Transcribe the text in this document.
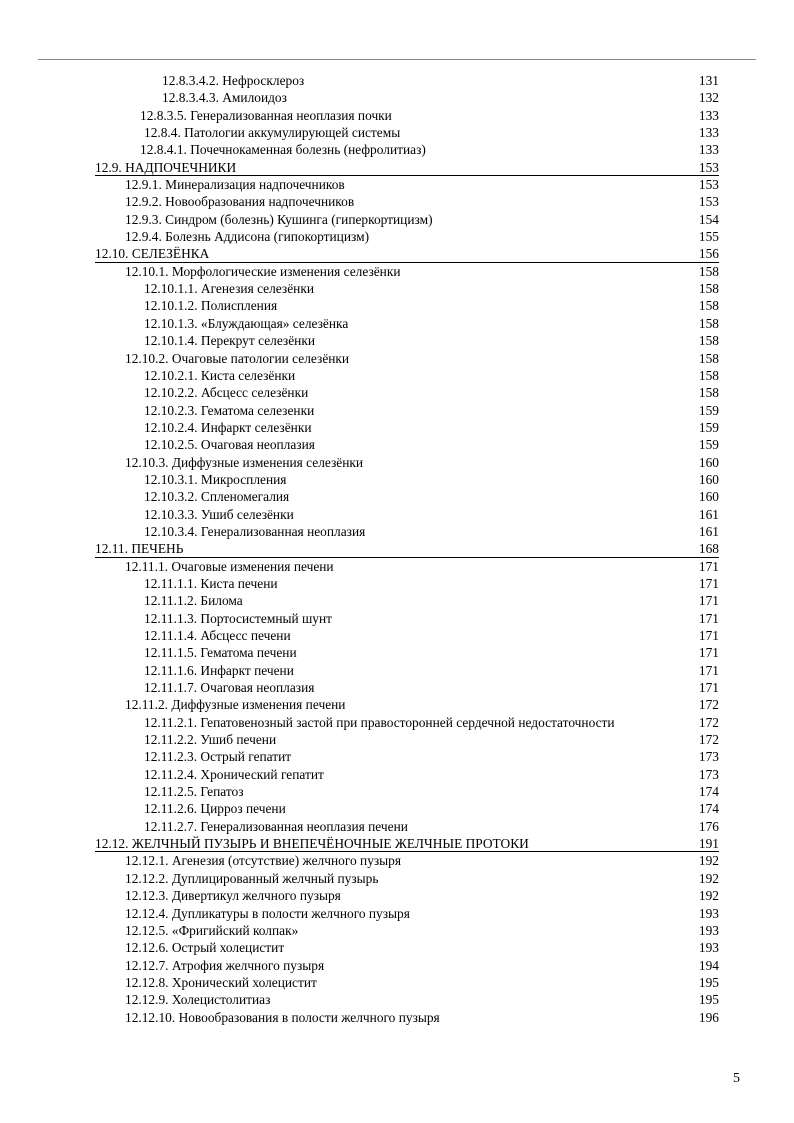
12.8.3.4.2. Нефросклероз	131
12.8.3.4.3. Амилоидоз	132
12.8.3.5. Генерализованная неоплазия почки	133
12.8.4. Патологии аккумулирующей системы	133
12.8.4.1. Почечнокаменная болезнь (нефролитиаз)	133
12.9. НАДПОЧЕЧНИКИ	153
12.9.1. Минерализация надпочечников	153
12.9.2. Новообразования надпочечников	153
12.9.3. Синдром (болезнь) Кушинга (гиперкортицизм)	154
12.9.4. Болезнь Аддисона (гипокортицизм)	155
12.10. СЕЛЕЗЁНКА	156
12.10.1. Морфологические изменения селезёнки	158
12.10.1.1. Агенезия селезёнки	158
12.10.1.2. Полиспления	158
12.10.1.3. «Блуждающая» селезёнка	158
12.10.1.4. Перекрут селезёнки	158
12.10.2. Очаговые патологии селезёнки	158
12.10.2.1. Киста селезёнки	158
12.10.2.2. Абсцесс селезёнки	158
12.10.2.3. Гематома селезенки	159
12.10.2.4. Инфаркт селезёнки	159
12.10.2.5. Очаговая неоплазия	159
12.10.3. Диффузные изменения селезёнки	160
12.10.3.1. Микроспления	160
12.10.3.2. Спленомегалия	160
12.10.3.3. Ушиб селезёнки	161
12.10.3.4. Генерализованная неоплазия	161
12.11. ПЕЧЕНЬ	168
12.11.1. Очаговые изменения печени	171
12.11.1.1. Киста печени	171
12.11.1.2. Билома	171
12.11.1.3. Портосистемный шунт	171
12.11.1.4. Абсцесс печени	171
12.11.1.5. Гематома печени	171
12.11.1.6. Инфаркт печени	171
12.11.1.7. Очаговая неоплазия	171
12.11.2. Диффузные изменения печени	172
12.11.2.1. Гепатовенозный застой при правосторонней сердечной недостаточности	172
12.11.2.2. Ушиб печени	172
12.11.2.3. Острый гепатит	173
12.11.2.4. Хронический гепатит	173
12.11.2.5. Гепатоз	174
12.11.2.6. Цирроз печени	174
12.11.2.7. Генерализованная неоплазия печени	176
12.12. ЖЕЛЧНЫЙ ПУЗЫРЬ И ВНЕПЕЧЁНОЧНЫЕ ЖЕЛЧНЫЕ ПРОТОКИ	191
12.12.1. Агенезия (отсутствие) желчного пузыря	192
12.12.2. Дуплицированный желчный пузырь	192
12.12.3. Дивертикул желчного пузыря	192
12.12.4. Дупликатуры в полости желчного пузыря	193
12.12.5. «Фригийский колпак»	193
12.12.6. Острый холецистит	193
12.12.7. Атрофия желчного пузыря	194
12.12.8. Хронический холецистит	195
12.12.9. Холецистолитиаз	195
12.12.10. Новообразования в полости желчного пузыря	196
5
